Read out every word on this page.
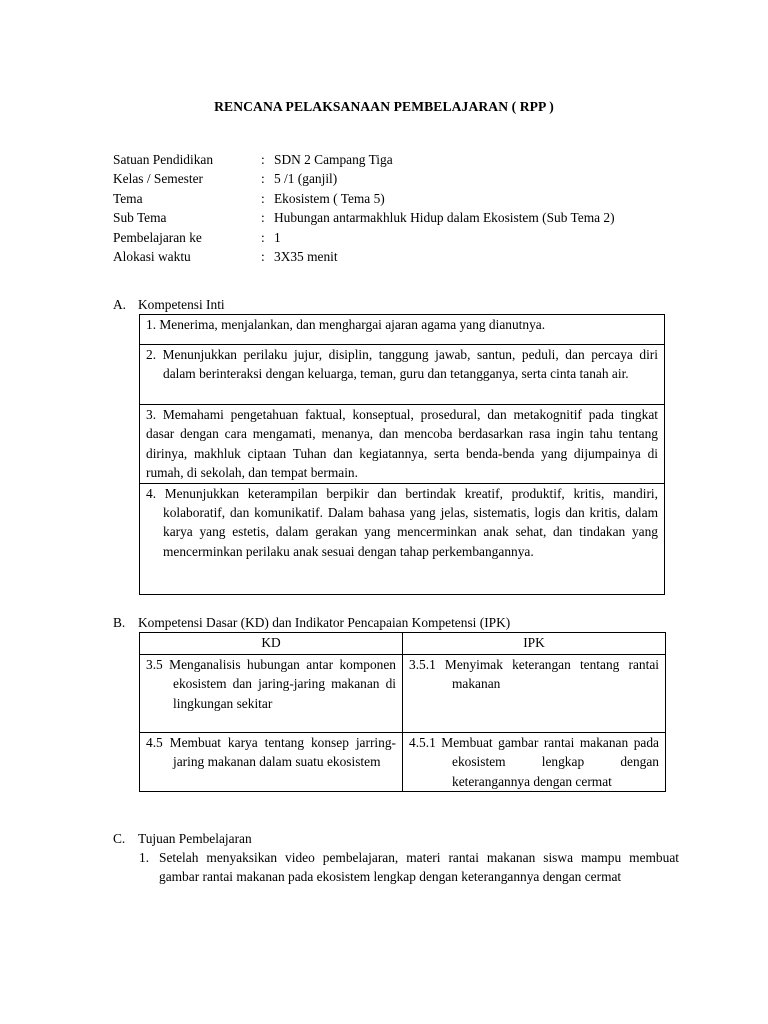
RENCANA PELAKSANAAN PEMBELAJARAN ( RPP )
Satuan Pendidikan	: SDN 2 Campang Tiga
Kelas / Semester	: 5 /1 (ganjil)
Tema	: Ekosistem ( Tema 5)
Sub Tema	: Hubungan antarmakhluk Hidup dalam Ekosistem (Sub Tema 2)
Pembelajaran ke	: 1
Alokasi waktu	: 3X35 menit
A. Kompetensi Inti
1. Menerima, menjalankan, dan menghargai ajaran agama yang dianutnya.

2. Menunjukkan perilaku jujur, disiplin, tanggung jawab, santun, peduli, dan percaya diri dalam berinteraksi dengan keluarga, teman, guru dan tetangganya, serta cinta tanah air.

3. Memahami pengetahuan faktual, konseptual, prosedural, dan metakognitif pada tingkat dasar dengan cara mengamati, menanya, dan mencoba berdasarkan rasa ingin tahu tentang dirinya, makhluk ciptaan Tuhan dan kegiatannya, serta benda-benda yang dijumpainya di rumah, di sekolah, dan tempat bermain.

4. Menunjukkan keterampilan berpikir dan bertindak kreatif, produktif, kritis, mandiri, kolaboratif, dan komunikatif. Dalam bahasa yang jelas, sistematis, logis dan kritis, dalam karya yang estetis, dalam gerakan yang mencerminkan anak sehat, dan tindakan yang mencerminkan perilaku anak sesuai dengan tahap perkembangannya.
B. Kompetensi Dasar (KD) dan Indikator Pencapaian Kompetensi (IPK)
KD	IPK

3.5 Menganalisis hubungan antar komponen ekosistem dan jaring-jaring makanan di lingkungan sekitar	3.5.1 Menyimak keterangan tentang rantai makanan

4.5 Membuat karya tentang konsep jarring-jaring makanan dalam suatu ekosistem	4.5.1 Membuat gambar rantai makanan pada ekosistem lengkap dengan keterangannya dengan cermat
C. Tujuan Pembelajaran
1. Setelah menyaksikan video pembelajaran, materi rantai makanan siswa mampu membuat gambar rantai makanan pada ekosistem lengkap dengan keterangannya dengan cermat
